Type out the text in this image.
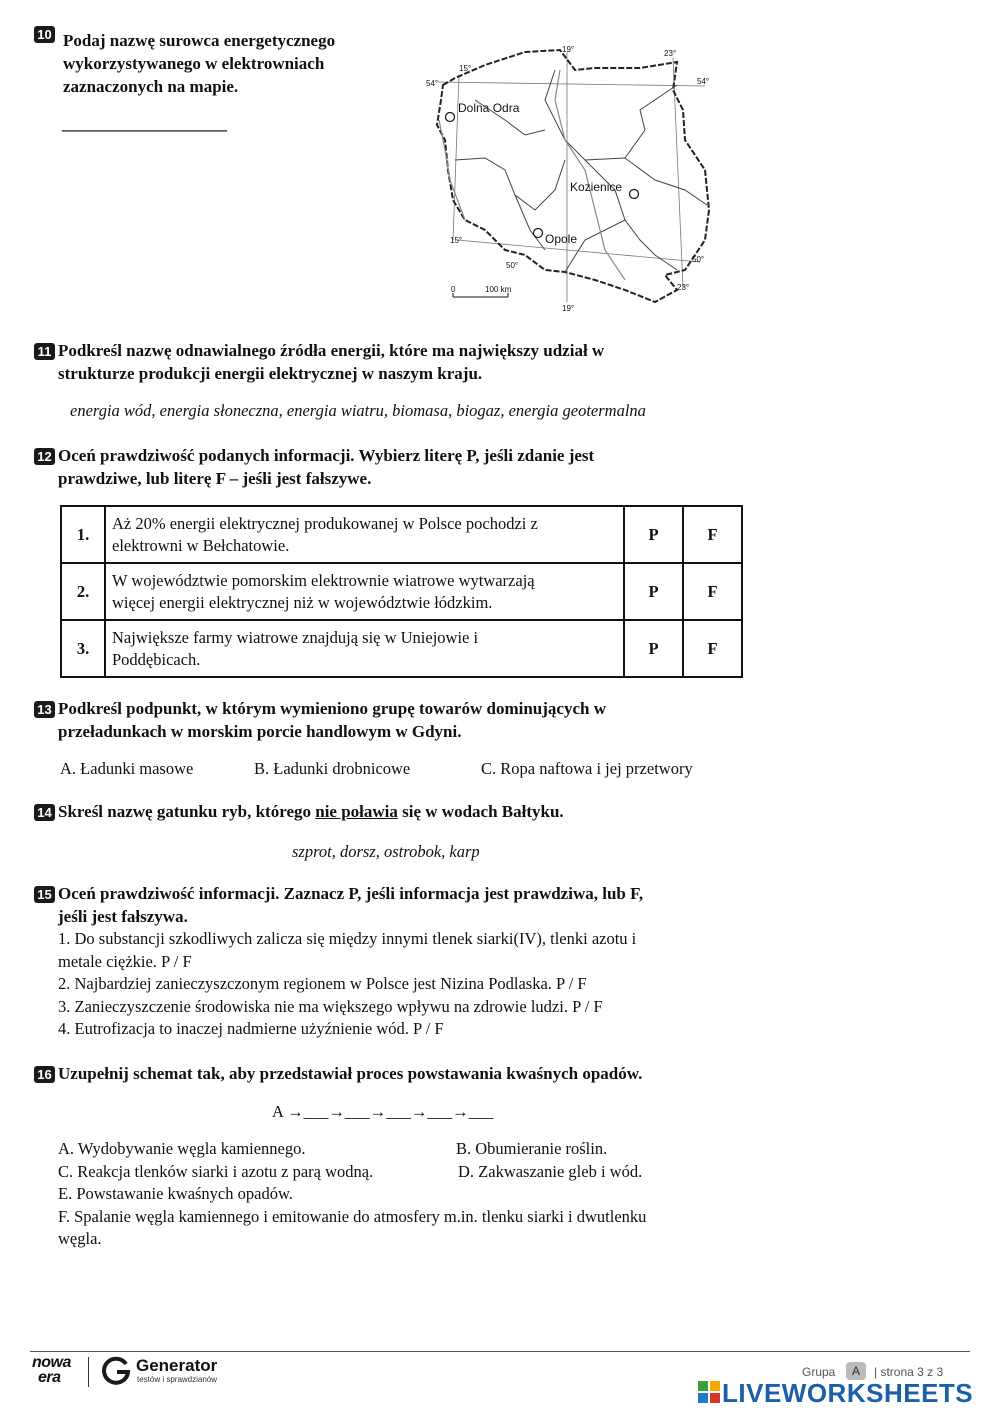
10 Podaj nazwę surowca energetycznego
wykorzystywanego w elektrowniach
zaznaczonych na mapie.
____________________
Dolna Odra
Kozienice
Opole
15°
19°	23°
54°	54°
15°
50°
50°
23°
19°
0	100 km
11 Podkreśl nazwę odnawialnego źródła energii, które ma największy udział w
strukturze produkcji energii elektrycznej w naszym kraju.
energia wód, energia słoneczna, energia wiatru, biomasa, biogaz, energia geotermalna
12 Oceń prawdziwość podanych informacji. Wybierz literę P, jeśli zdanie jest
prawdziwe, lub literę F – jeśli jest fałszywe.
1.	Aż 20% energii elektrycznej produkowanej w Polsce pochodzi z
elektrowni w Bełchatowie.	P	F
2.	W województwie pomorskim elektrownie wiatrowe wytwarzają
więcej energii elektrycznej niż w województwie łódzkim.	P	F
3.	Największe farmy wiatrowe znajdują się w Uniejowie i
Poddębicach.	P	F
13 Podkreśl podpunkt, w którym wymieniono grupę towarów dominujących w
przeładunkach w morskim porcie handlowym w Gdyni.
A. Ładunki masowe	B. Ładunki drobnicowe	C. Ropa naftowa i jej przetwory
14 Skreśl nazwę gatunku ryb, którego nie poławia się w wodach Bałtyku.
szprot, dorsz, ostrobok, karp
15 Oceń prawdziwość informacji. Zaznacz P, jeśli informacja jest prawdziwa, lub F,
jeśli jest fałszywa.
1. Do substancji szkodliwych zalicza się między innymi tlenek siarki(IV), tlenki azotu i
metale ciężkie. P / F
2. Najbardziej zanieczyszczonym regionem w Polsce jest Nizina Podlaska. P / F
3. Zanieczyszczenie środowiska nie ma większego wpływu na zdrowie ludzi. P / F
4. Eutrofizacja to inaczej nadmierne użyźnienie wód. P / F
16 Uzupełnij schemat tak, aby przedstawiał proces powstawania kwaśnych opadów.
A →___→___→___→___→___
A. Wydobywanie węgla kamiennego.	B. Obumieranie roślin.
C. Reakcja tlenków siarki i azotu z parą wodną.	D. Zakwaszanie gleb i wód.
E. Powstawanie kwaśnych opadów.
F. Spalanie węgla kamiennego i emitowanie do atmosfery m.in. tlenku siarki i dwutlenku
węgla.
nowa
era
Generator
testów i sprawdzianów
Grupa	A	| strona 3 z 3
LIVEWORKSHEETS
